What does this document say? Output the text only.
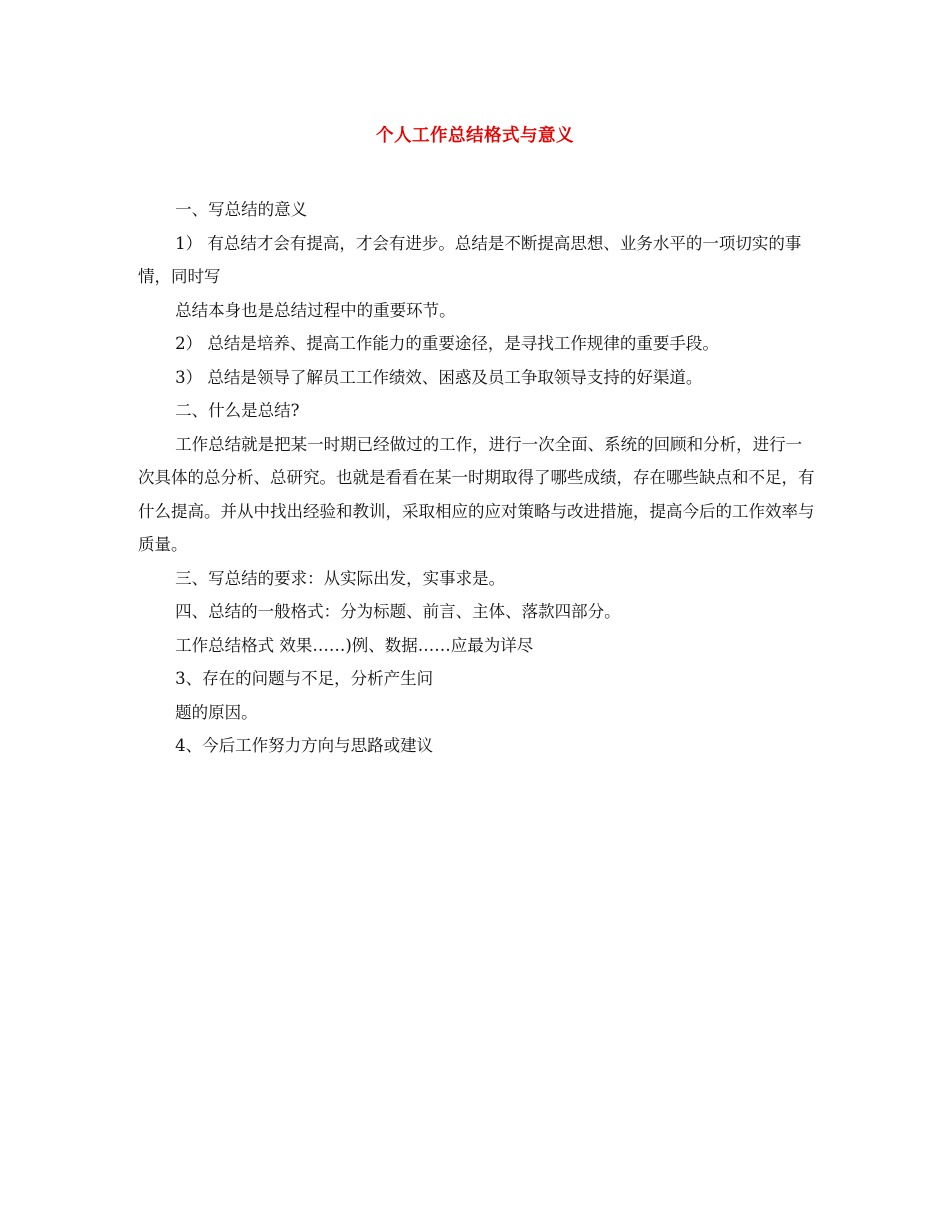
个人工作总结格式与意义

一、写总结的意义

1） 有总结才会有提高，才会有进步。总结是不断提高思想、业务水平的一项切实的事情，同时写

总结本身也是总结过程中的重要环节。

2） 总结是培养、提高工作能力的重要途径，是寻找工作规律的重要手段。

3） 总结是领导了解员工工作绩效、困惑及员工争取领导支持的好渠道。

二、什么是总结?

工作总结就是把某一时期已经做过的工作，进行一次全面、系统的回顾和分析，进行一次具体的总分析、总研究。也就是看看在某一时期取得了哪些成绩，存在哪些缺点和不足，有什么提高。并从中找出经验和教训，采取相应的应对策略与改进措施，提高今后的工作效率与质量。

三、写总结的要求：从实际出发，实事求是。

四、总结的一般格式：分为标题、前言、主体、落款四部分。

工作总结格式 效果……)例、数据……应最为详尽

3、存在的问题与不足，分析产生问

题的原因。

4、今后工作努力方向与思路或建议
